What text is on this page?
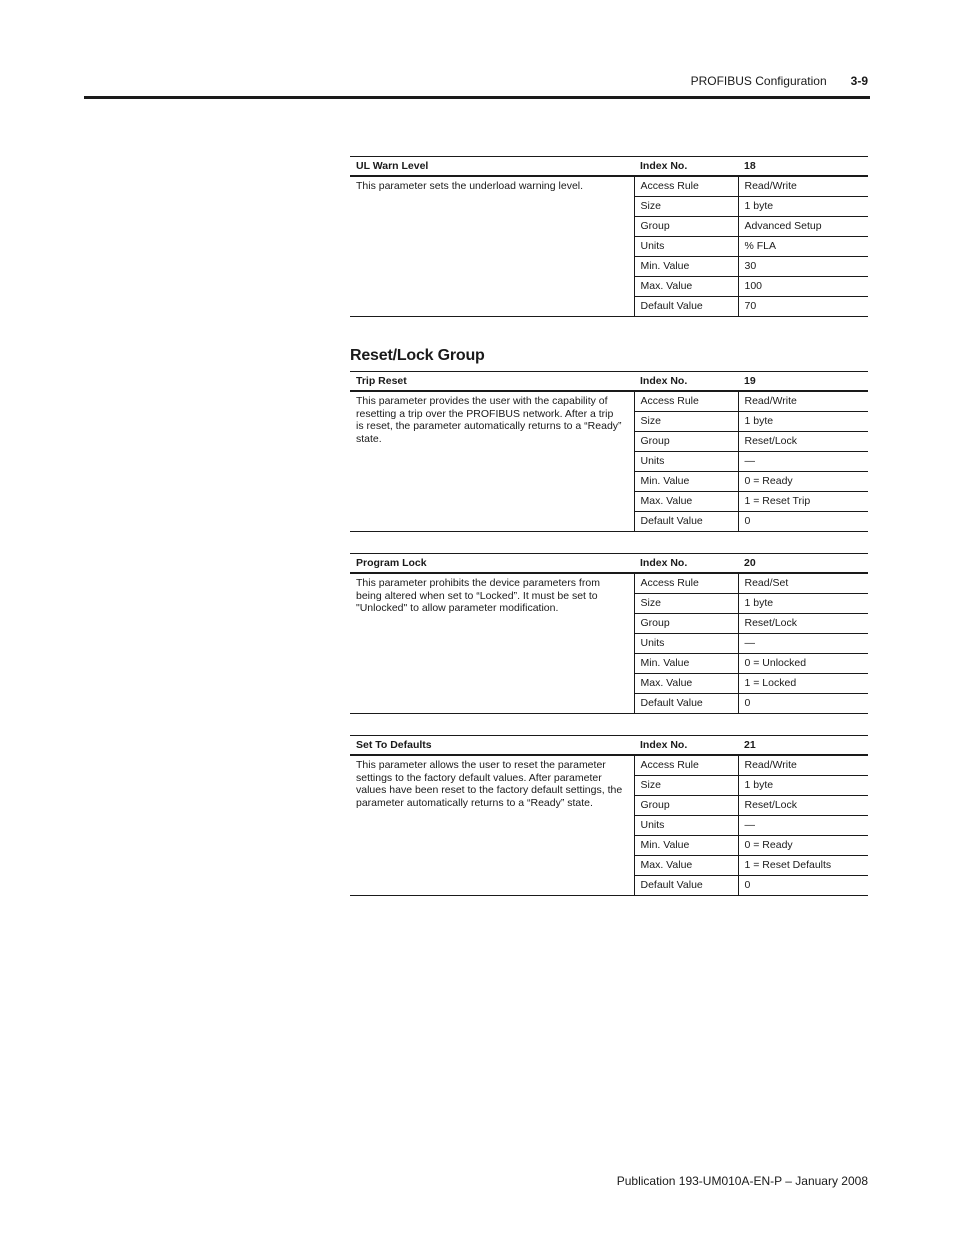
PROFIBUS Configuration 3-9
Reset/Lock Group
UL Warn Level	Index No.	18
This parameter sets the underload warning level.	Access Rule	Read/Write
	Size	1 byte
	Group	Advanced Setup
	Units	% FLA
	Min. Value	30
	Max. Value	100
	Default Value	70
Trip Reset	Index No.	19
This parameter provides the user with the capability of resetting a trip over the PROFIBUS network. After a trip is reset, the parameter automatically returns to a “Ready” state.	Access Rule	Read/Write
	Size	1 byte
	Group	Reset/Lock
	Units	—
	Min. Value	0 = Ready
	Max. Value	1 = Reset Trip
	Default Value	0
Program Lock	Index No.	20
This parameter prohibits the device parameters from being altered when set to “Locked”. It must be set to "Unlocked" to allow parameter modification.	Access Rule	Read/Set
	Size	1 byte
	Group	Reset/Lock
	Units	—
	Min. Value	0 = Unlocked
	Max. Value	1 = Locked
	Default Value	0
Set To Defaults	Index No.	21
This parameter allows the user to reset the parameter settings to the factory default values. After parameter values have been reset to the factory default settings, the parameter automatically returns to a “Ready” state.	Access Rule	Read/Write
	Size	1 byte
	Group	Reset/Lock
	Units	—
	Min. Value	0 = Ready
	Max. Value	1 = Reset Defaults
	Default Value	0
Publication 193-UM010A-EN-P – January 2008
